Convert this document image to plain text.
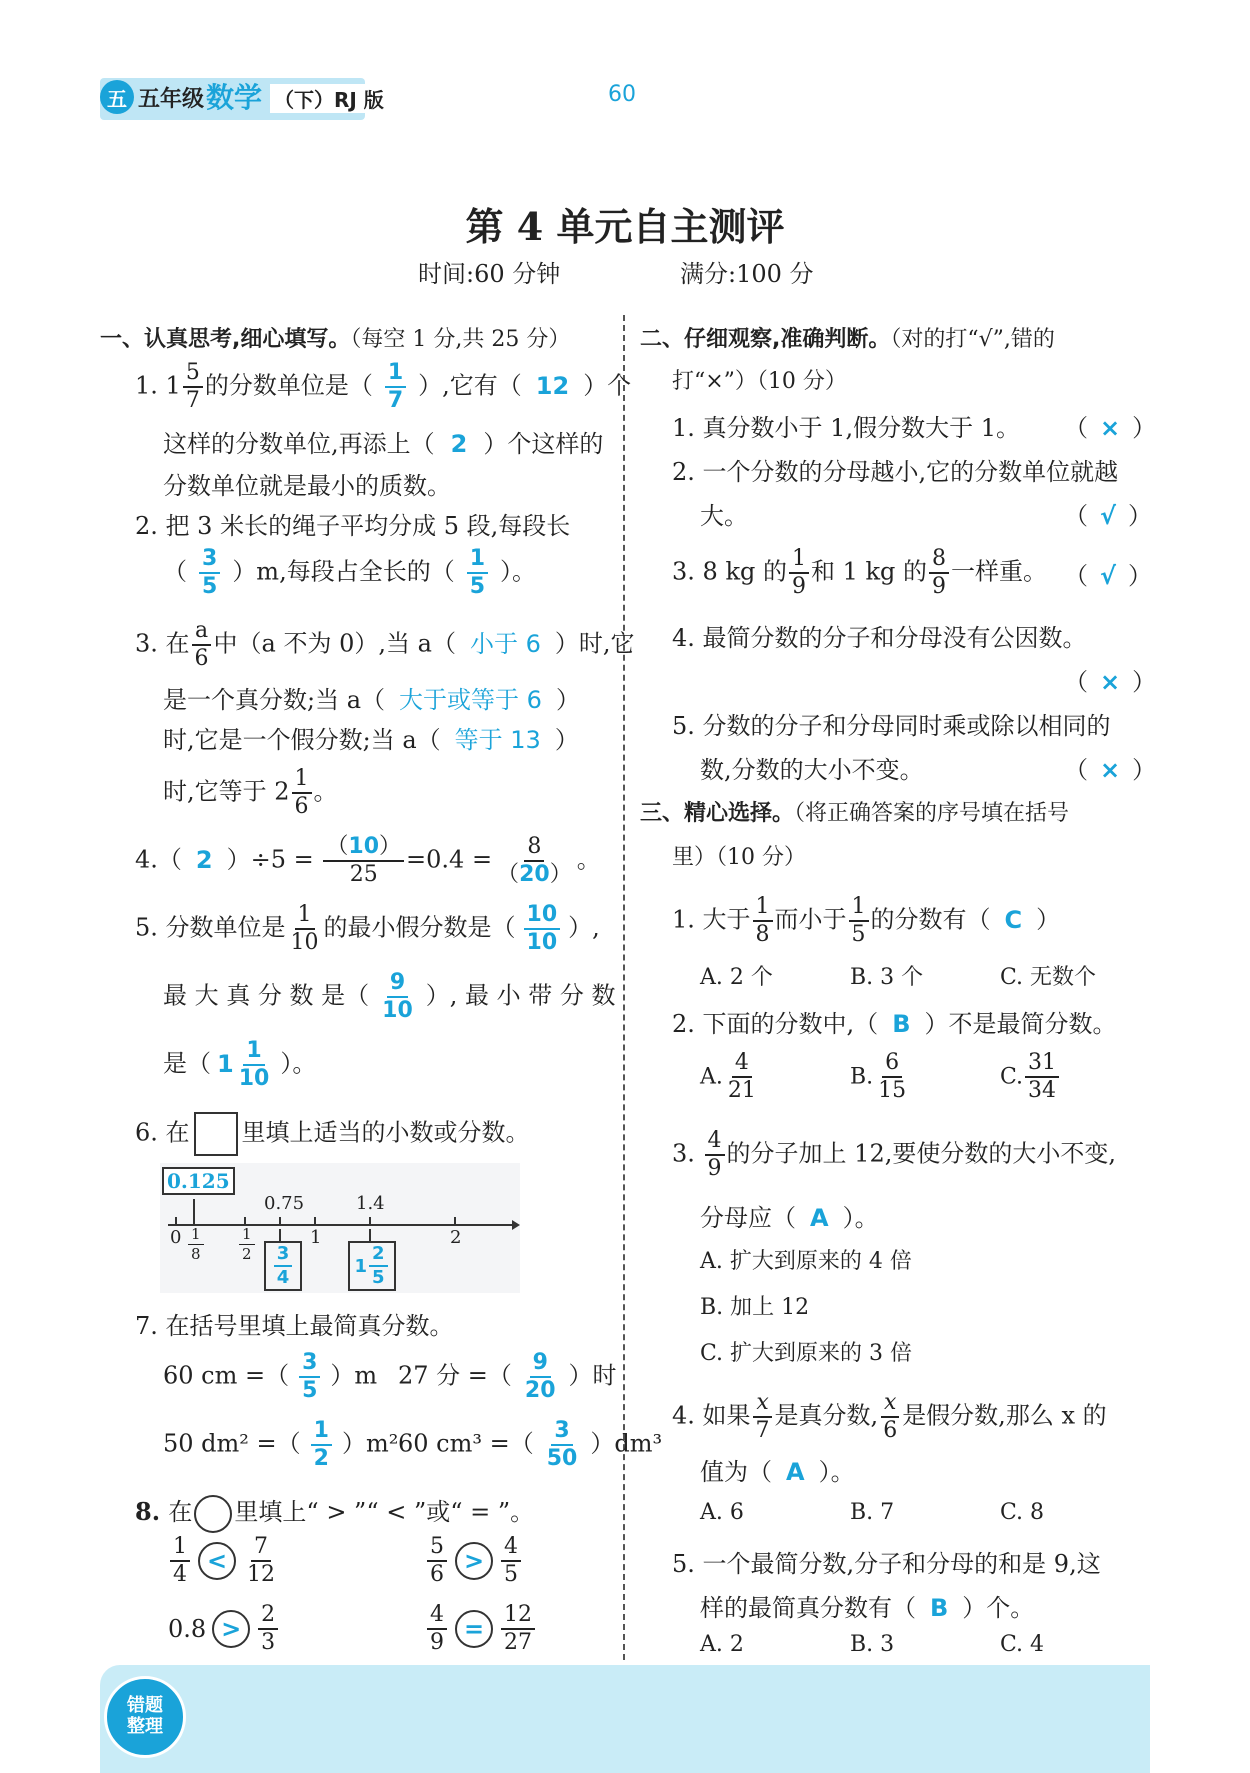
五 五年级 数学 （下）RJ 版	60
第 4 单元自主测评
时间:60 分钟	满分:100 分
一、认真思考,细心填写。（每空 1 分,共 25 分）
1. $1 \frac{5}{7}$ 的分数单位是（ $\frac{1}{7}$ ）,它有（ 12 ）个
这样的分数单位,再添上（ 2 ）个这样的
分数单位就是最小的质数。
2. 把 3 米长的绳子平均分成 5 段,每段长
（ $\frac{3}{5} )m$,每段占全长的（ $\frac{1}{5}$ ）。
3. 在 $\frac{a}{6}$ 中（a 不为 0）,当 a（ 小于 6 ）时,它
是一个真分数;当 a（ 大于或等于 6 ）
时,它是一个假分数;当 a（ 等于 13 ）
时,它等于 $2 \frac{1}{6}$ 。
4.（ 2 ）$\div 5 = \frac{(10)}{25} =0.4 = \frac{8}{(20)}$ 。
5. 分数单位是 $\frac{1}{10}$ 的最小假分数是（ $\frac{10}{10}$ ）,
最 大 真 分 数 是（ $\frac{9}{10}$ ）, 最 小 带 分 数
是（ $1 \frac{1}{10}$ ）。
6. 在 里填上适当的小数或分数。
0.125
0.75	1.4
$0 \frac{1}{8} \frac{1}{2}$	1	2
$\frac{3}{4}$	$1 \frac{2}{5}$
7. 在括号里填上最简真分数。
60 cm =（ $\frac{3}{5} )m$ 27 分 =（ $\frac{9}{20}$ ）时
50 dm² =（ $\frac{1}{2} )m^2$ 60 cm³ =（ $\frac{3}{50} )dm^3$
8. 在 里填上“ > ”“ < ”或“ = ”。
$\frac{1}{4} < \frac{7}{12}$	$\frac{5}{6} > \frac{4}{5}$
$0.8 > \frac{2}{3}$	$\frac{4}{9} = \frac{12}{27}$
二、仔细观察,准确判断。（对的打“√”,错的
打“×”）（10 分）
1. 真分数小于 1,假分数大于 1。 （ × ）
2. 一个分数的分母越小,它的分数单位就越
大。	（ √ ）
3. 8 kg 的 $\frac{1}{9}$ 和 1 kg 的 $\frac{8}{9}$ 一样重。 （ √ ）
4. 最简分数的分子和分母没有公因数。
（ × ）
5. 分数的分子和分母同时乘或除以相同的
数,分数的大小不变。	（ × ）
三、精心选择。（将正确答案的序号填在括号
里）（10 分）
1. 大于 $\frac{1}{8}$ 而小于 $\frac{1}{5}$ 的分数有（ C ）
A. 2 个	B. 3 个	C. 无数个
2. 下面的分数中,（ B ）不是最简分数。
A. $\frac{4}{21}$	B. $\frac{6}{15}$	C. $\frac{31}{34}$
3. $\frac{4}{9}$ 的分子加上 12,要使分数的大小不变,
分母应（ A ）。
A. 扩大到原来的 4 倍
B. 加上 12
C. 扩大到原来的 3 倍
4. 如果 $\frac{x}{7}$ 是真分数, $\frac{x}{6}$ 是假分数,那么 x 的
值为（ A ）。
A. 6	B. 7	C. 8
5. 一个最简分数,分子和分母的和是 9,这
样的最简真分数有（ B ）个。
A. 2	B. 3	C. 4
错题
整理
